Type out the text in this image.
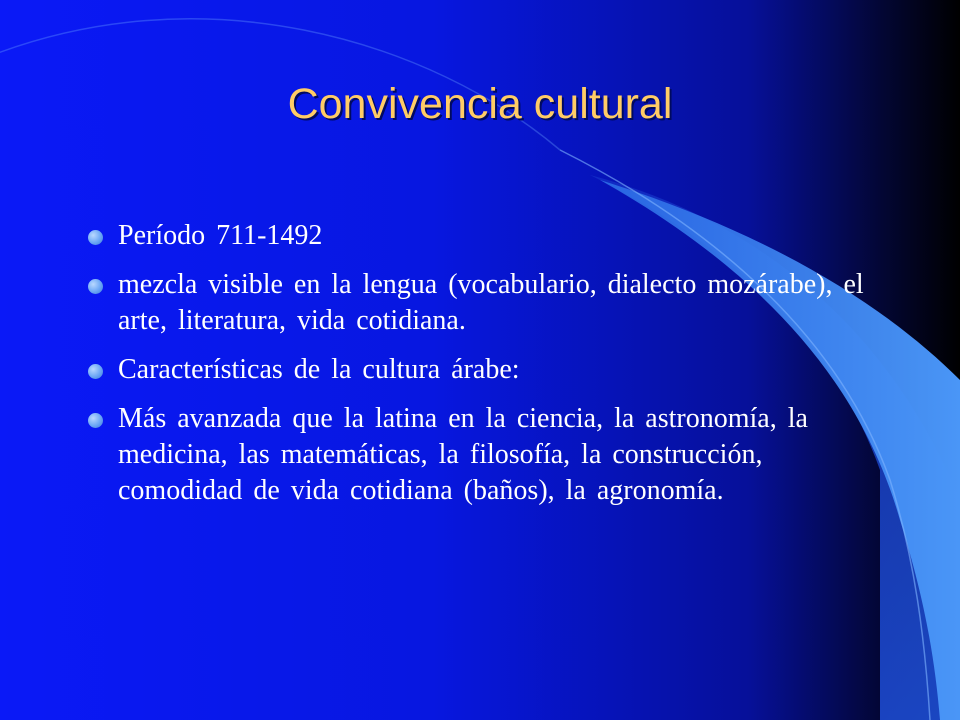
Convivencia cultural
Período 711-1492
mezcla visible en la lengua (vocabulario, dialecto mozárabe), el arte, literatura, vida cotidiana.
Características de la cultura árabe:
Más avanzada que la latina en la ciencia, la astronomía, la medicina, las matemáticas, la filosofía, la construcción, comodidad de vida cotidiana (baños), la agronomía.
